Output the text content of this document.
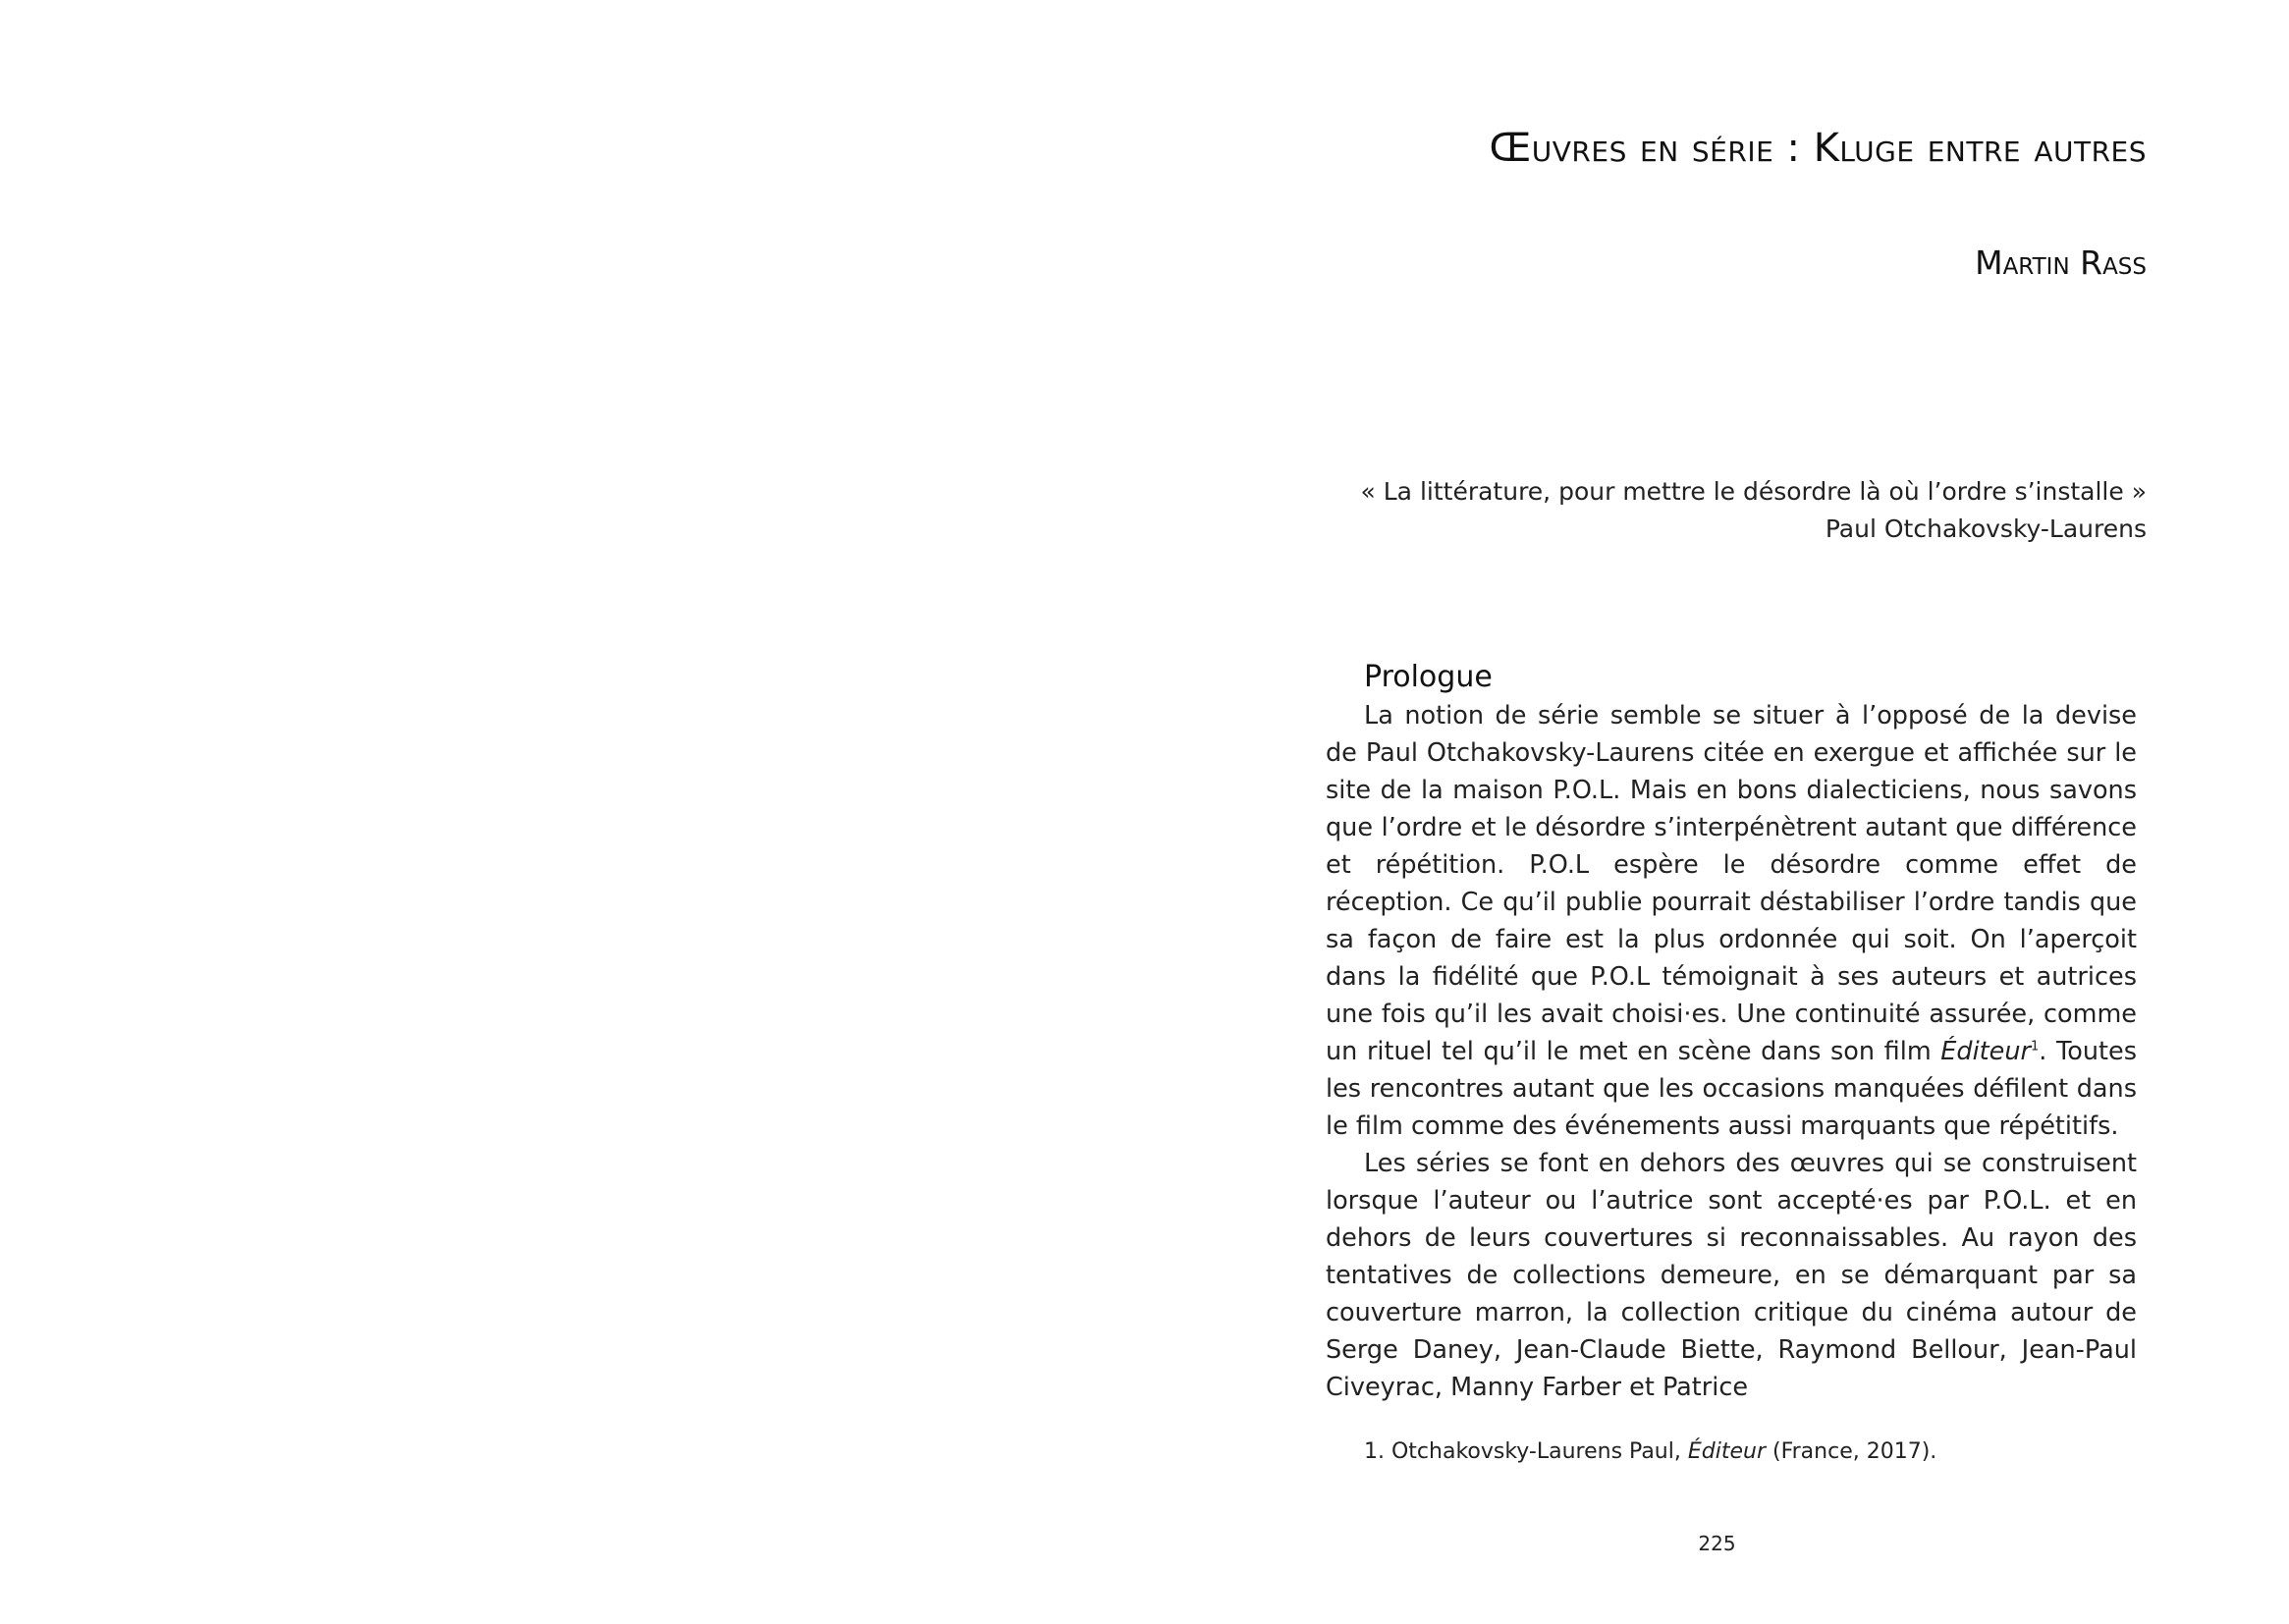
Œuvres en série : Kluge entre autres
Martin Rass
« La littérature, pour mettre le désordre là où l’ordre s’installe »
Paul Otchakovsky-Laurens
Prologue

La notion de série semble se situer à l’opposé de la devise de Paul Otchakovsky-Laurens citée en exergue et affichée sur le site de la maison P.O.L. Mais en bons dialecticiens, nous savons que l’ordre et le désordre s’interpénètrent autant que différence et répétition. P.O.L espère le désordre comme effet de réception. Ce qu’il publie pourrait déstabiliser l’ordre tandis que sa façon de faire est la plus ordonnée qui soit. On l’aperçoit dans la fidélité que P.O.L témoignait à ses auteurs et autrices une fois qu’il les avait choisi·es. Une continuité assurée, comme un rituel tel qu’il le met en scène dans son film Éditeur$^1$. Toutes les rencontres autant que les occasions manquées défilent dans le film comme des événements aussi marquants que répétitifs.

Les séries se font en dehors des œuvres qui se construisent lorsque l’auteur ou l’autrice sont accepté·es par P.O.L. et en dehors de leurs couvertures si reconnaissables. Au rayon des tentatives de collections demeure, en se démarquant par sa couverture marron, la collection critique du cinéma autour de Serge Daney, Jean-Claude Biette, Raymond Bellour, Jean-Paul Civeyrac, Manny Farber et Patrice

1. Otchakovsky-Laurens Paul, Éditeur (France, 2017).
225
